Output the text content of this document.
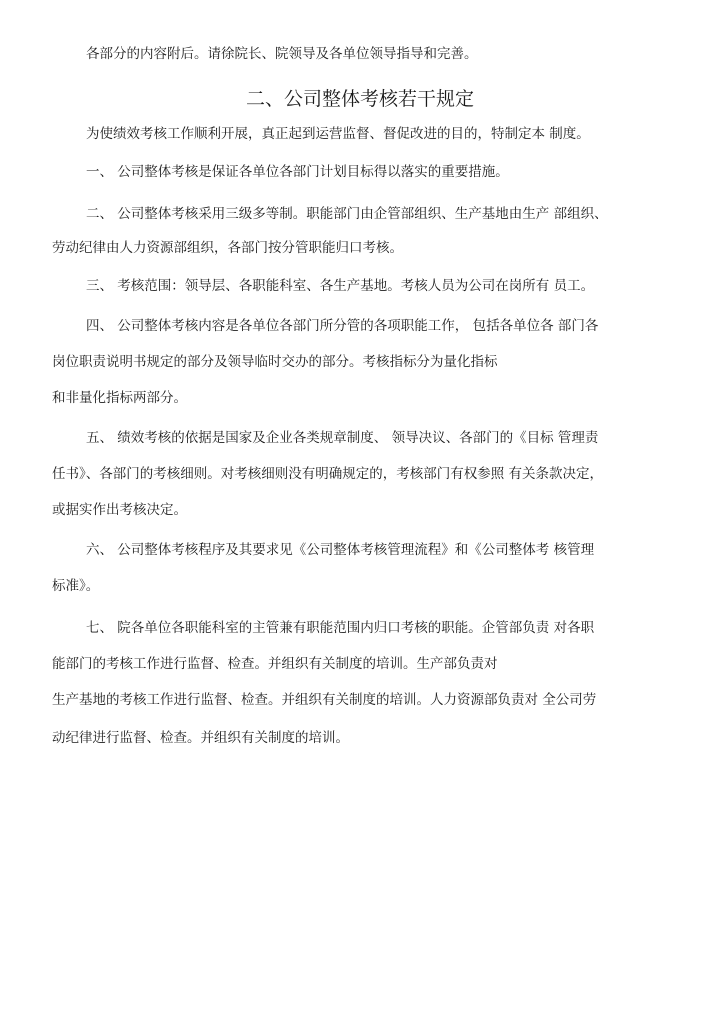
各部分的内容附后。请徐院长、院领导及各单位领导指导和完善。
二、公司整体考核若干规定
为使绩效考核工作顺利开展，真正起到运营监督、督促改进的目的，特制定本 制度。
一、 公司整体考核是保证各单位各部门计划目标得以落实的重要措施。
二、 公司整体考核采用三级多等制。职能部门由企管部组织、生产基地由生产 部组织、
劳动纪律由人力资源部组织，各部门按分管职能归口考核。
三、 考核范围：领导层、各职能科室、各生产基地。考核人员为公司在岗所有 员工。
四、 公司整体考核内容是各单位各部门所分管的各项职能工作， 包括各单位各 部门各
岗位职责说明书规定的部分及领导临时交办的部分。考核指标分为量化指标
和非量化指标两部分。
五、 绩效考核的依据是国家及企业各类规章制度、 领导决议、各部门的《目标 管理责
任书》、各部门的考核细则。对考核细则没有明确规定的，考核部门有权参照 有关条款决定，
或据实作出考核决定。
六、 公司整体考核程序及其要求见《公司整体考核管理流程》和《公司整体考 核管理
标准》。
七、 院各单位各职能科室的主管兼有职能范围内归口考核的职能。企管部负责 对各职
能部门的考核工作进行监督、检查。并组织有关制度的培训。生产部负责对
生产基地的考核工作进行监督、检查。并组织有关制度的培训。人力资源部负责对 全公司劳
动纪律进行监督、检查。并组织有关制度的培训。
